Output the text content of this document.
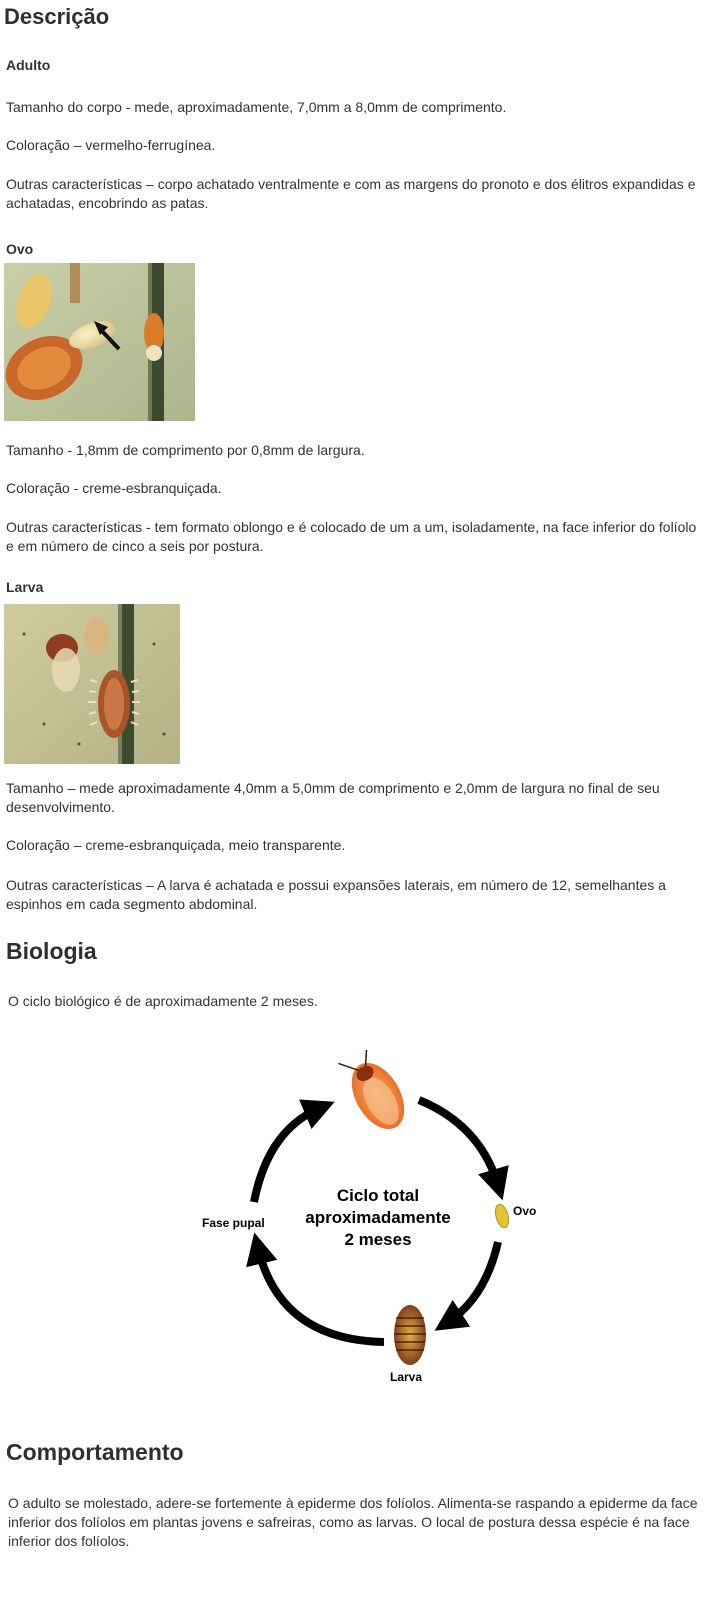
Descrição
Adulto
Tamanho do corpo - mede, aproximadamente, 7,0mm a 8,0mm de comprimento.
Coloração – vermelho-ferrugínea.
Outras características – corpo achatado ventralmente e com as margens do pronoto e dos élitros expandidas e achatadas, encobrindo as patas.
Ovo
Tamanho - 1,8mm de comprimento por 0,8mm de largura.
Coloração - creme-esbranquiçada.
Outras características - tem formato oblongo e é colocado de um a um, isoladamente, na face inferior do folíolo e em número de cinco a seis por postura.
Larva
Tamanho – mede aproximadamente 4,0mm a 5,0mm de comprimento e 2,0mm de largura no final de seu desenvolvimento.
Coloração – creme-esbranquiçada, meio transparente.
Outras características – A larva é achatada e possui expansões laterais, em número de 12, semelhantes a espinhos em cada segmento abdominal.
Biologia
O ciclo biológico é de aproximadamente 2 meses.
Ciclo total
aproximadamente
2 meses
Ovo
Larva
Fase pupal
Comportamento
O adulto se molestado, adere-se fortemente à epiderme dos folíolos. Alimenta-se raspando a epiderme da face inferior dos folíolos em plantas jovens e safreiras, como as larvas. O local de postura dessa espécie é na face inferior dos folíolos.
